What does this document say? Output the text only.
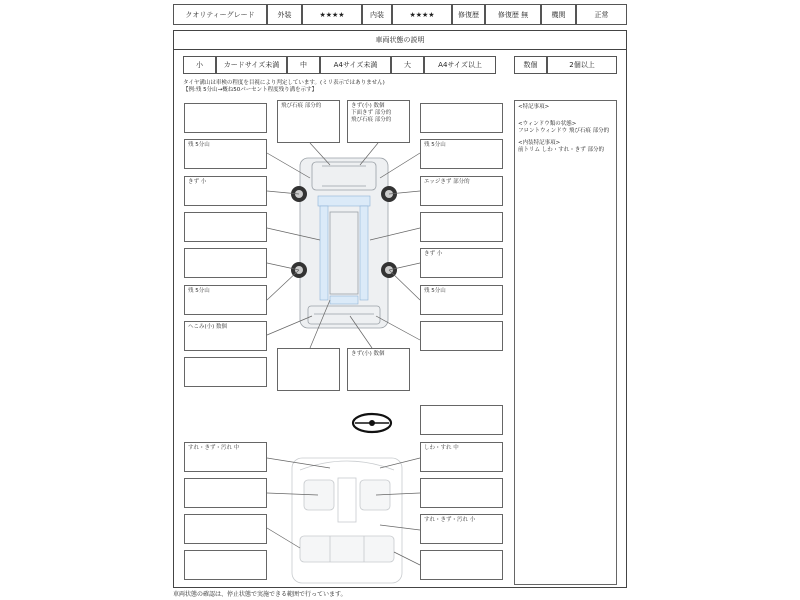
クオリティーグレード	外装	★★★★	内装	★★★★	修復歴	修復歴 無	機関	正常
車両状態の説明
小	カードサイズ未満	中	A4サイズ未満	大	A4サイズ以上	数個	2個以上
タイヤ溝山は車検の程度を目視により判定しています。(ミリ表示ではありません)
【例:残 5分山→概ね50パーセント程度残り溝を示す】
<特記事項>
<ウィンドウ類の状態>
フロントウィンドウ 飛び石痕 部分的
<内装特記事項>
前トリム しわ・すれ・きず 部分的
残 5分山
きず 小
残 5分山
へこみ(小) 数個
飛び石痕 部分的	きず(小) 数個
下面きず 部分的
飛び石痕 部分的
きず(小) 数個
残 5分山
エッジきず 部分的
きず 小
残 5分山
すれ・きず・汚れ 中	しわ・すれ 中
すれ・きず・汚れ 小
車両状態の確認は、停止状態で実施できる範囲で行っています。
